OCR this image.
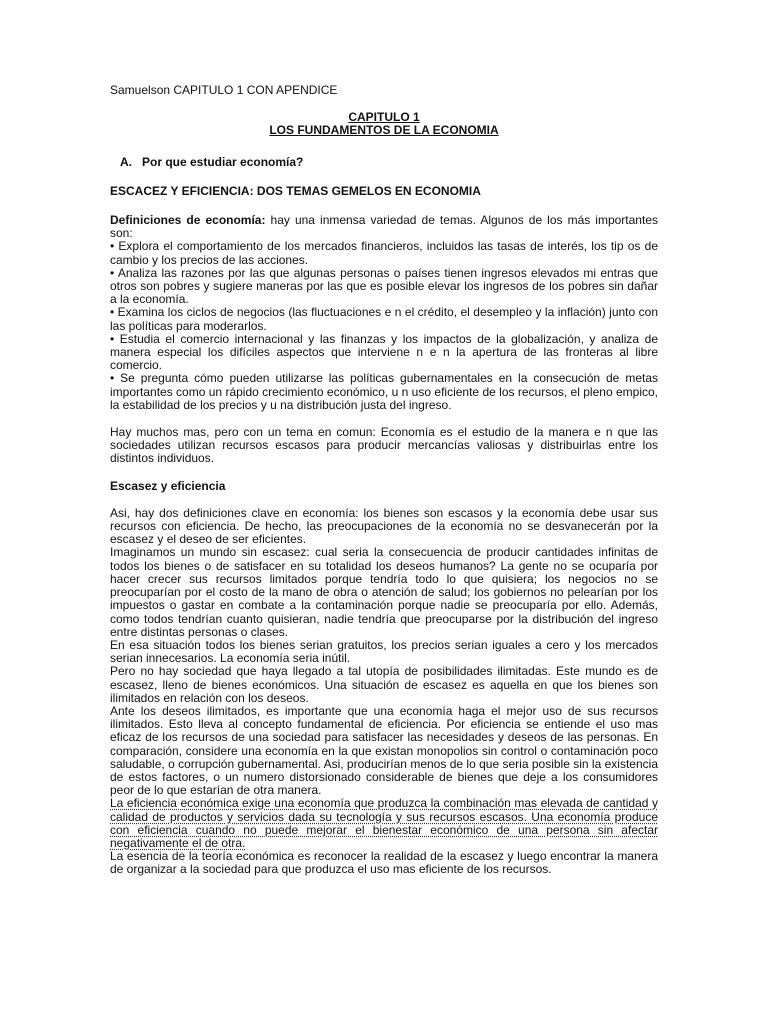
Samuelson CAPITULO 1 CON APENDICE

CAPITULO 1
LOS FUNDAMENTOS DE LA ECONOMIA
A. Por que estudiar economía?

ESCACEZ Y EFICIENCIA: DOS TEMAS GEMELOS EN ECONOMIA

Definiciones de economía: hay una inmensa variedad de temas. Algunos de los más importantes son:

• Explora el comportamiento de los mercados financieros, incluidos las tasas de interés, los tip os de cambio y los precios de las acciones.

• Analiza las razones por las que algunas personas o países tienen ingresos elevados mi entras que otros son pobres y sugiere maneras por las que es posible elevar los ingresos de los pobres sin dañar a la economía.

• Examina los ciclos de negocios (las fluctuaciones e n el crédito, el desempleo y la inflación) junto con las políticas para moderarlos.

• Estudia el comercio internacional y las finanzas y los impactos de la globalización, y analiza de manera especial los difíciles aspectos que interviene n e n la apertura de las fronteras al libre comercio.

• Se pregunta cómo pueden utilizarse las políticas gubernamentales en la consecución de metas importantes como un rápido crecimiento económico, u n uso eficiente de los recursos, el pleno empico, la estabilidad de los precios y u na distribución justa del ingreso.

Hay muchos mas, pero con un tema en comun: Economía es el estudio de la manera e n que las sociedades utilizan recursos escasos para producir mercancías valiosas y distribuirlas entre los distintos individuos.

Escasez y eficiencia

Asi, hay dos definiciones clave en economía: los bienes son escasos y la economía debe usar sus recursos con eficiencia. De hecho, las preocupaciones de la economía no se desvanecerán por la escasez y el deseo de ser eficientes.

Imaginamos un mundo sin escasez: cual seria la consecuencia de producir cantidades infinitas de todos los bienes o de satisfacer en su totalidad los deseos humanos? La gente no se ocuparía por hacer crecer sus recursos limitados porque tendría todo lo que quisiera; los negocios no se preocuparían por el costo de la mano de obra o atención de salud; los gobiernos no pelearían por los impuestos o gastar en combate a la contaminación porque nadie se preocuparía por ello. Además, como todos tendrían cuanto quisieran, nadie tendría que preocuparse por la distribución del ingreso entre distintas personas o clases.

En esa situación todos los bienes serian gratuitos, los precios serian iguales a cero y los mercados serian innecesarios. La economía seria inútil.

Pero no hay sociedad que haya llegado a tal utopía de posibilidades ilimitadas. Este mundo es de escasez, lleno de bienes económicos. Una situación de escasez es aquella en que los bienes son ilimitados en relación con los deseos.

Ante los deseos ilimitados, es importante que una economía haga el mejor uso de sus recursos ilimitados. Esto lleva al concepto fundamental de eficiencia. Por eficiencia se entiende el uso mas eficaz de los recursos de una sociedad para satisfacer las necesidades y deseos de las personas. En comparación, considere una economía en la que existan monopolios sin control o contaminación poco saludable, o corrupción gubernamental. Asi, producirían menos de lo que seria posible sin la existencia de estos factores, o un numero distorsionado considerable de bienes que deje a los consumidores peor de lo que estarían de otra manera.

La eficiencia económica exige una economía que produzca la combinación mas elevada de cantidad y calidad de productos y servicios dada su tecnología y sus recursos escasos. Una economía produce con eficiencia cuando no puede mejorar el bienestar económico de una persona sin afectar negativamente el de otra.

La esencia de la teoría económica es reconocer la realidad de la escasez y luego encontrar la manera de organizar a la sociedad para que produzca el uso mas eficiente de los recursos.
